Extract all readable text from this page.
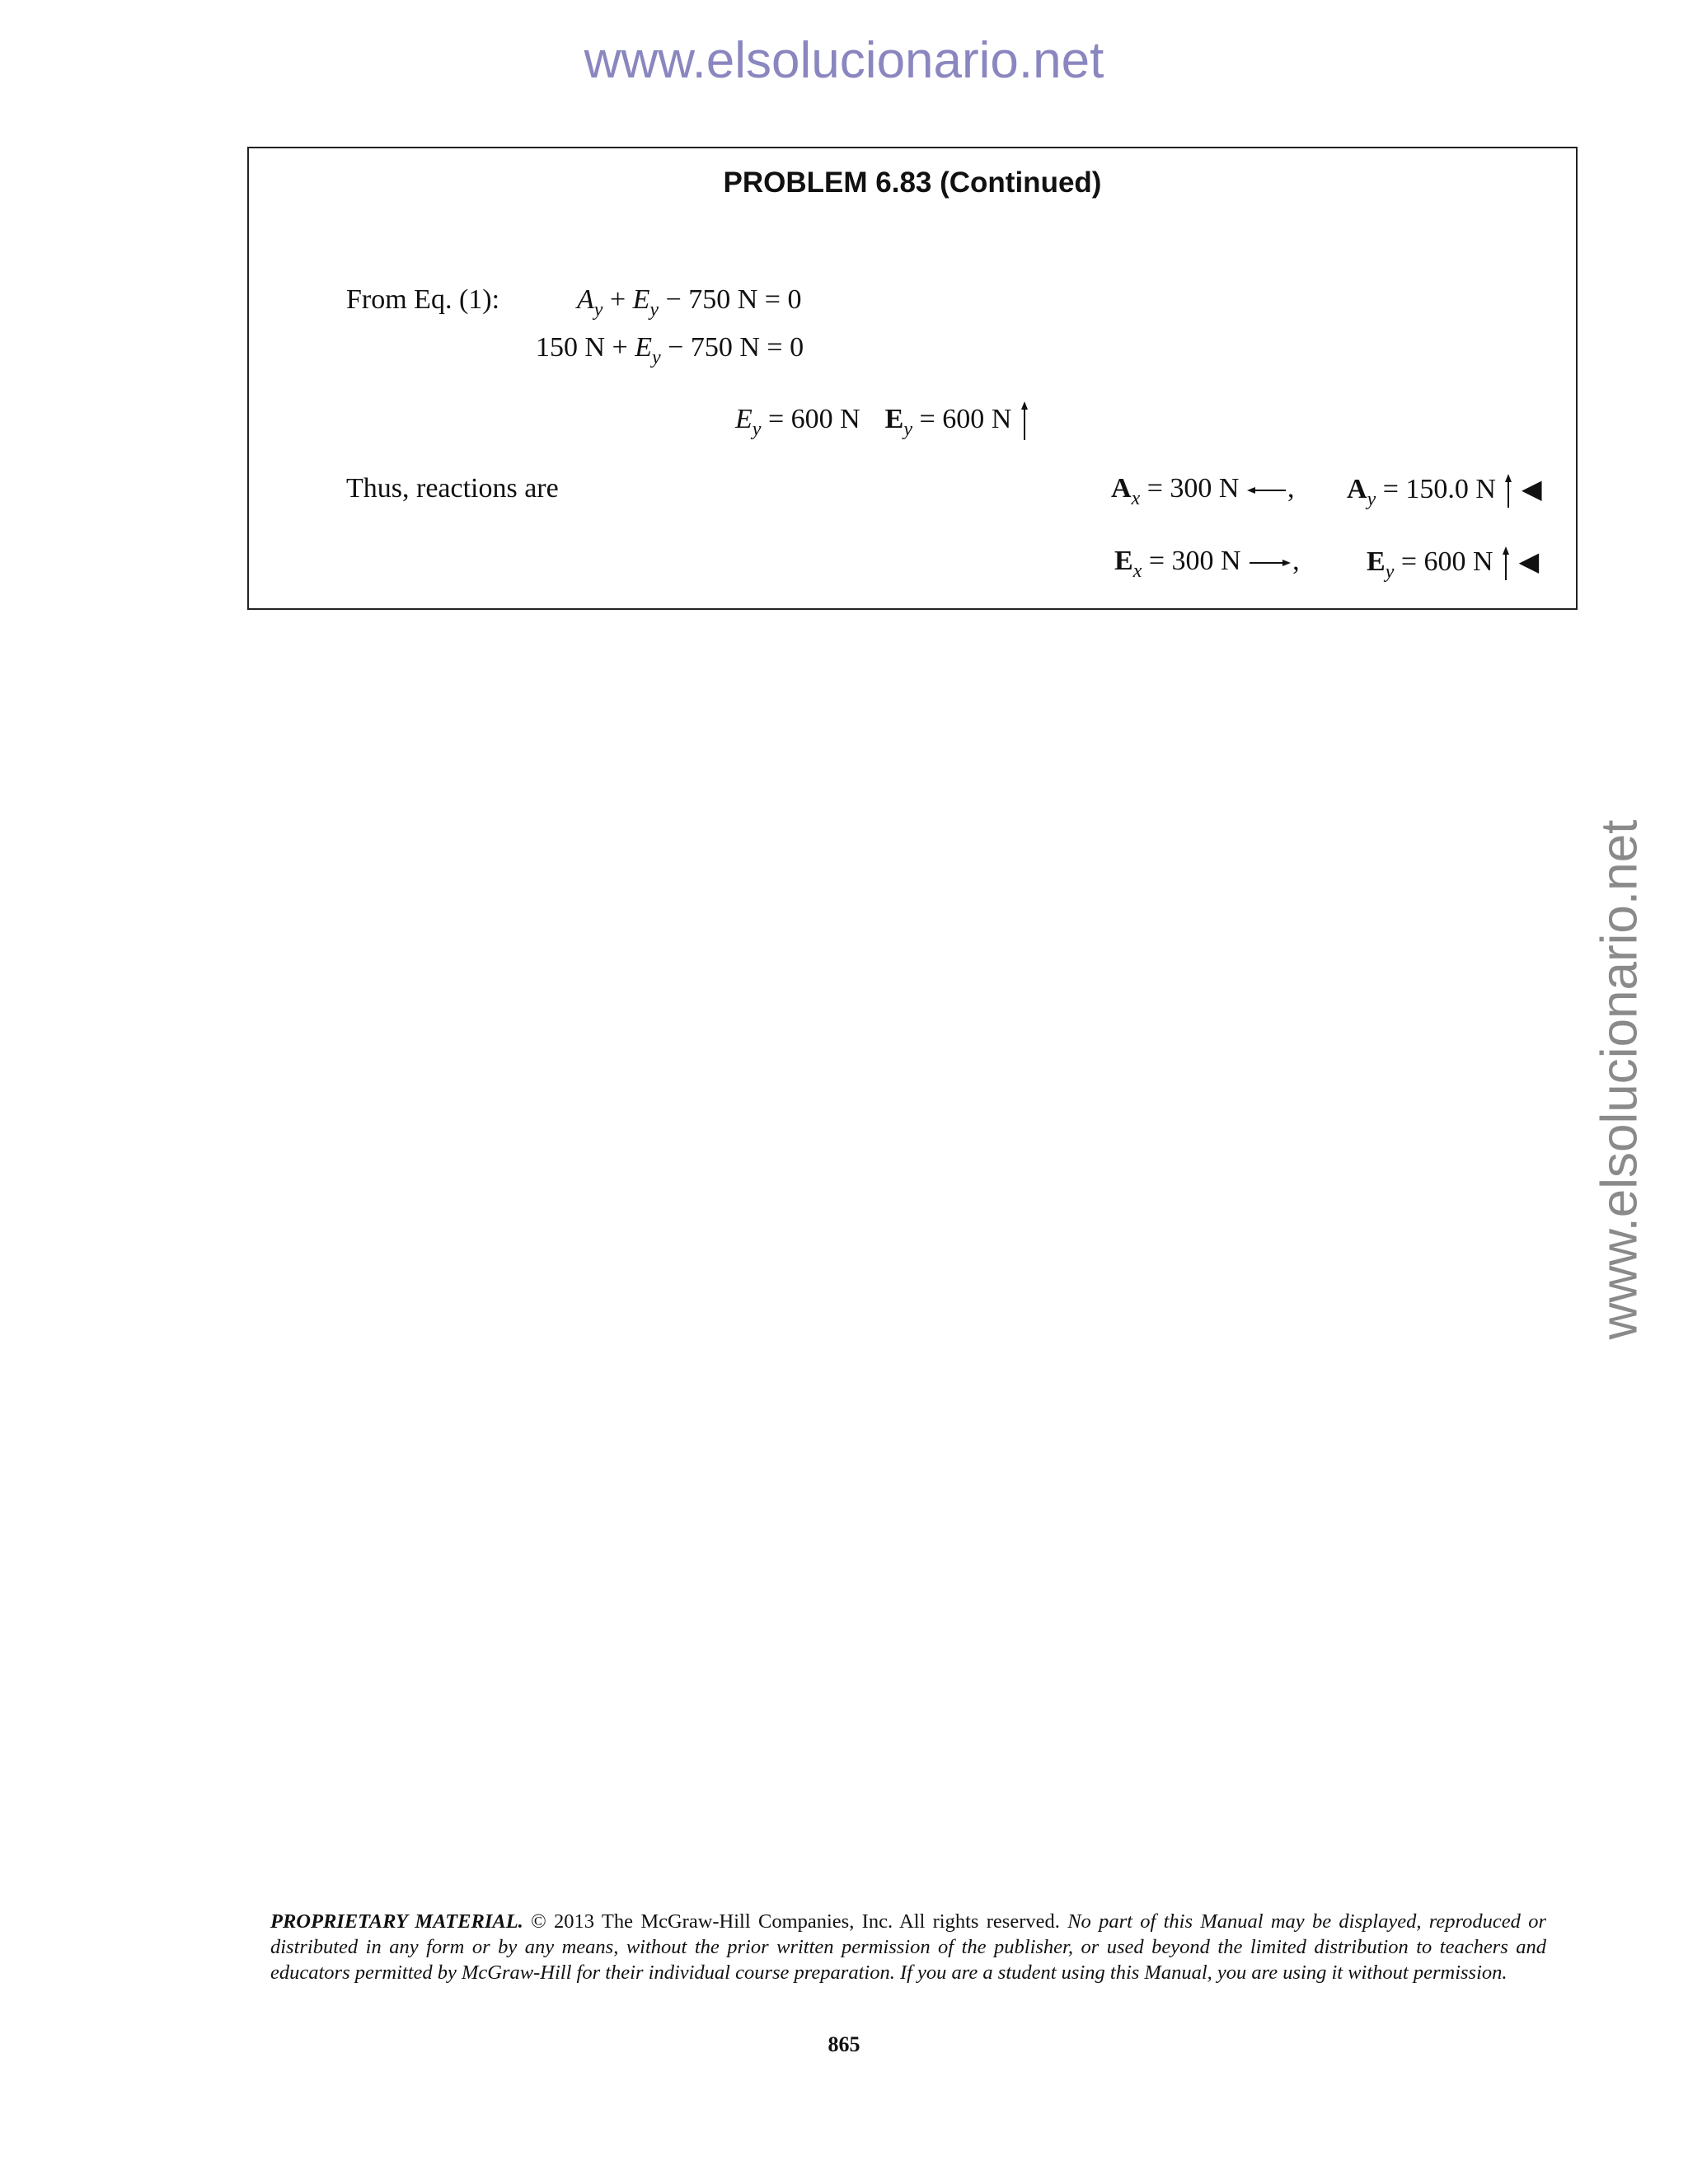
www.elsolucionario.net
www.elsolucionario.net
PROBLEM 6.83 (Continued)
From Eq. (1):	$A_y + E_y - 750$ N = 0
150 $N + E_y - 750$ N = 0
$E_y = 600$ N $E_y = 600$ N
Thus, reactions are	$A_x = 300$ N , $A_y = 150.0$ N ◀
$E_x = 300$ N , $E_y = 600$ N ◀
PROPRIETARY MATERIAL. © 2013 The McGraw-Hill Companies, Inc. All rights reserved. No part of this Manual may be displayed, reproduced or distributed in any form or by any means, without the prior written permission of the publisher, or used beyond the limited distribution to teachers and educators permitted by McGraw-Hill for their individual course preparation. If you are a student using this Manual, you are using it without permission.
865
